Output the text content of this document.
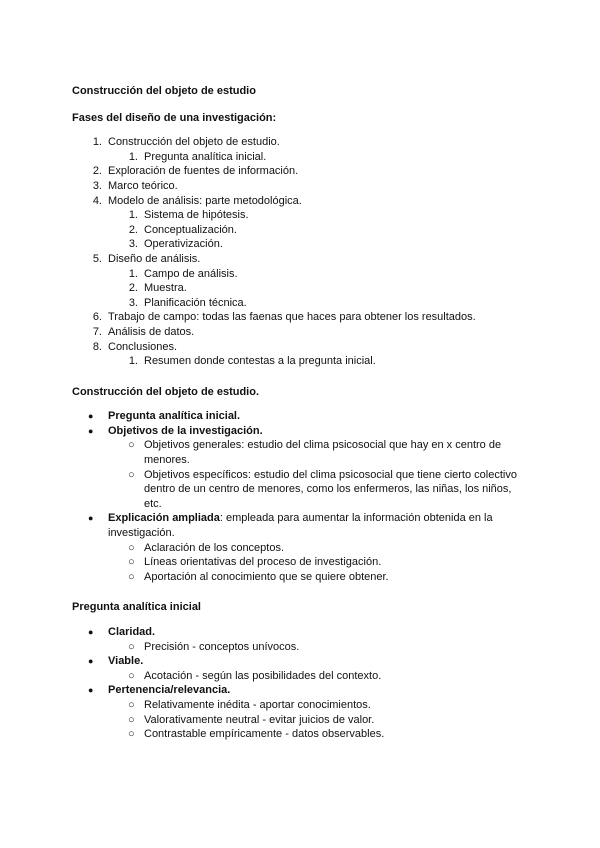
Construcción del objeto de estudio

Fases del diseño de una investigación:

1. Construcción del objeto de estudio.
1. Pregunta analítica inicial.
2. Exploración de fuentes de información.
3. Marco teórico.
4. Modelo de análisis: parte metodológica.
1. Sistema de hipótesis.
2. Conceptualización.
3. Operativización.
5. Diseño de análisis.
1. Campo de análisis.
2. Muestra.
3. Planificación técnica.
6. Trabajo de campo: todas las faenas que haces para obtener los resultados.
7. Análisis de datos.
8. Conclusiones.
1. Resumen donde contestas a la pregunta inicial.

Construcción del objeto de estudio.

● Pregunta analítica inicial.
● Objetivos de la investigación.
○ Objetivos generales: estudio del clima psicosocial que hay en x centro de menores.
○ Objetivos específicos: estudio del clima psicosocial que tiene cierto colectivo dentro de un centro de menores, como los enfermeros, las niñas, los niños, etc.
● Explicación ampliada: empleada para aumentar la información obtenida en la investigación.
○ Aclaración de los conceptos.
○ Líneas orientativas del proceso de investigación.
○ Aportación al conocimiento que se quiere obtener.

Pregunta analítica inicial

● Claridad.
○ Precisión - conceptos unívocos.
● Viable.
○ Acotación - según las posibilidades del contexto.
● Pertenencia/relevancia.
○ Relativamente inédita - aportar conocimientos.
○ Valorativamente neutral - evitar juicios de valor.
○ Contrastable empíricamente - datos observables.
